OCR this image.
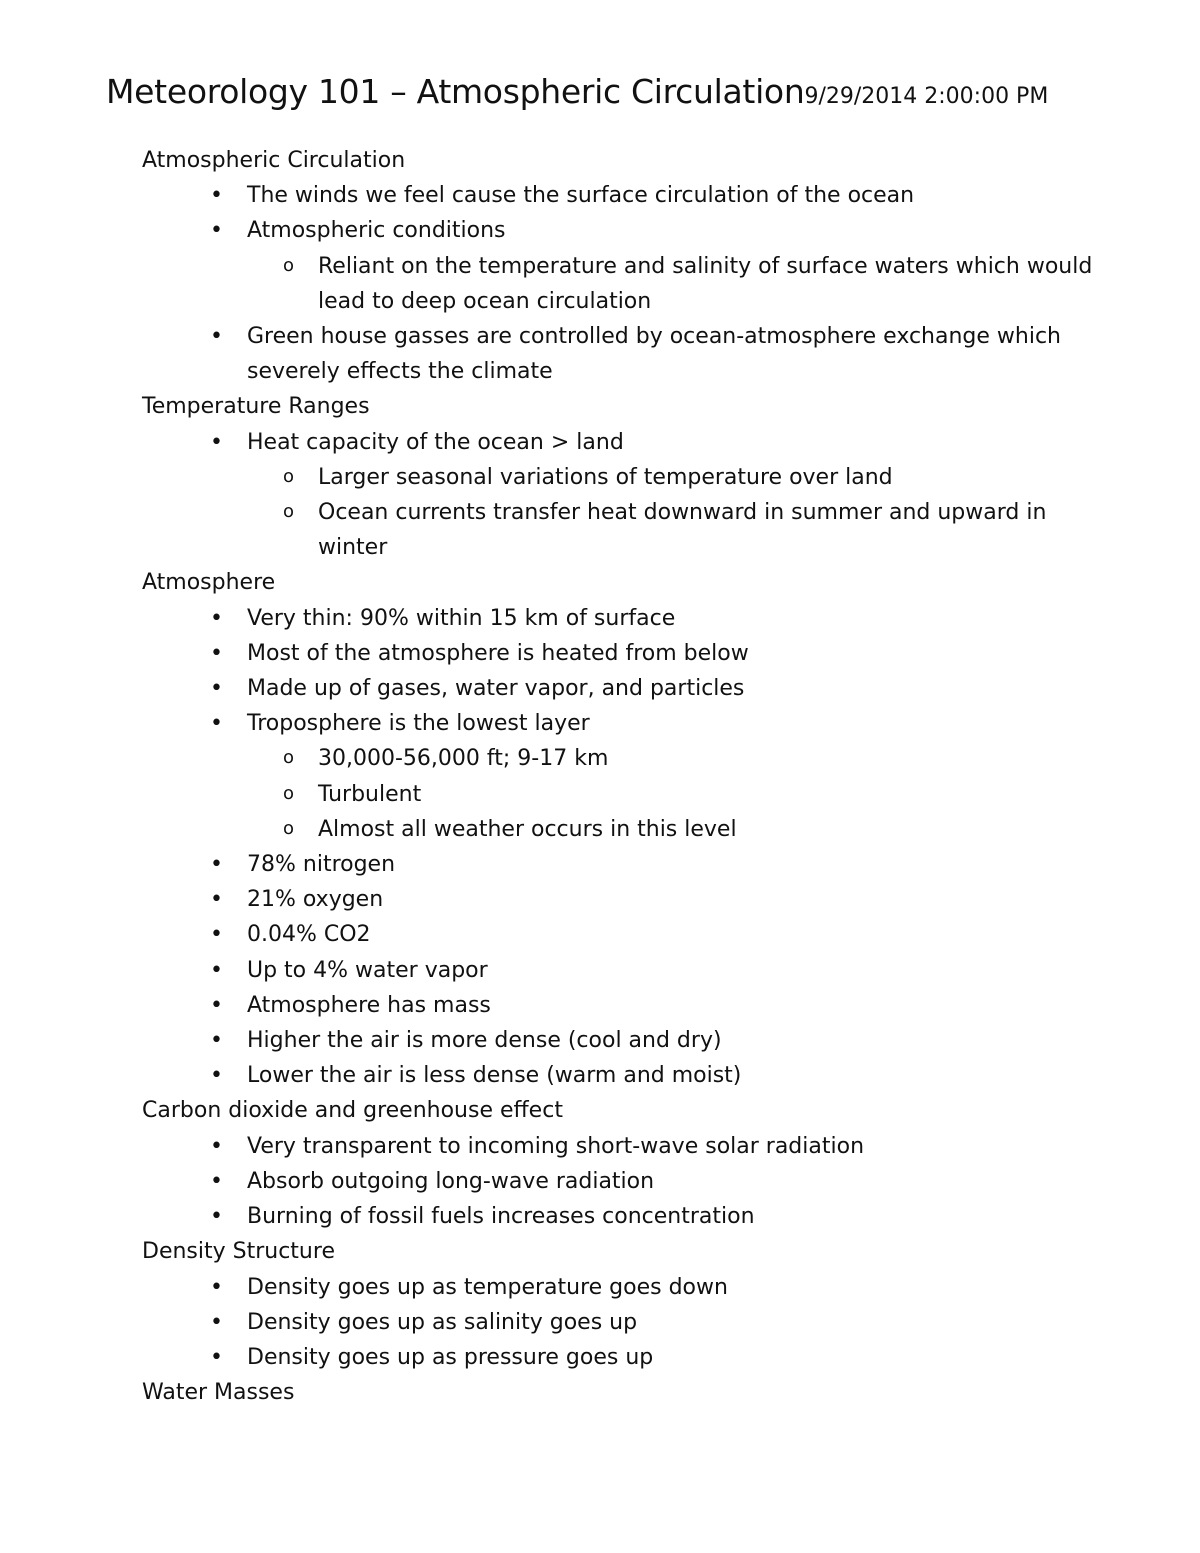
Meteorology 101 – Atmospheric Circulation9/29/2014 2:00:00 PM
Atmospheric Circulation
• The winds we feel cause the surface circulation of the ocean
• Atmospheric conditions
o Reliant on the temperature and salinity of surface waters which would lead to deep ocean circulation
• Green house gasses are controlled by ocean-atmosphere exchange which severely effects the climate
Temperature Ranges
• Heat capacity of the ocean > land
o Larger seasonal variations of temperature over land
o Ocean currents transfer heat downward in summer and upward in winter
Atmosphere
• Very thin: 90% within 15 km of surface
• Most of the atmosphere is heated from below
• Made up of gases, water vapor, and particles
• Troposphere is the lowest layer
o 30,000-56,000 ft; 9-17 km
o Turbulent
o Almost all weather occurs in this level
• 78% nitrogen
• 21% oxygen
• 0.04% CO2
• Up to 4% water vapor
• Atmosphere has mass
• Higher the air is more dense (cool and dry)
• Lower the air is less dense (warm and moist)
Carbon dioxide and greenhouse effect
• Very transparent to incoming short-wave solar radiation
• Absorb outgoing long-wave radiation
• Burning of fossil fuels increases concentration
Density Structure
• Density goes up as temperature goes down
• Density goes up as salinity goes up
• Density goes up as pressure goes up
Water Masses
